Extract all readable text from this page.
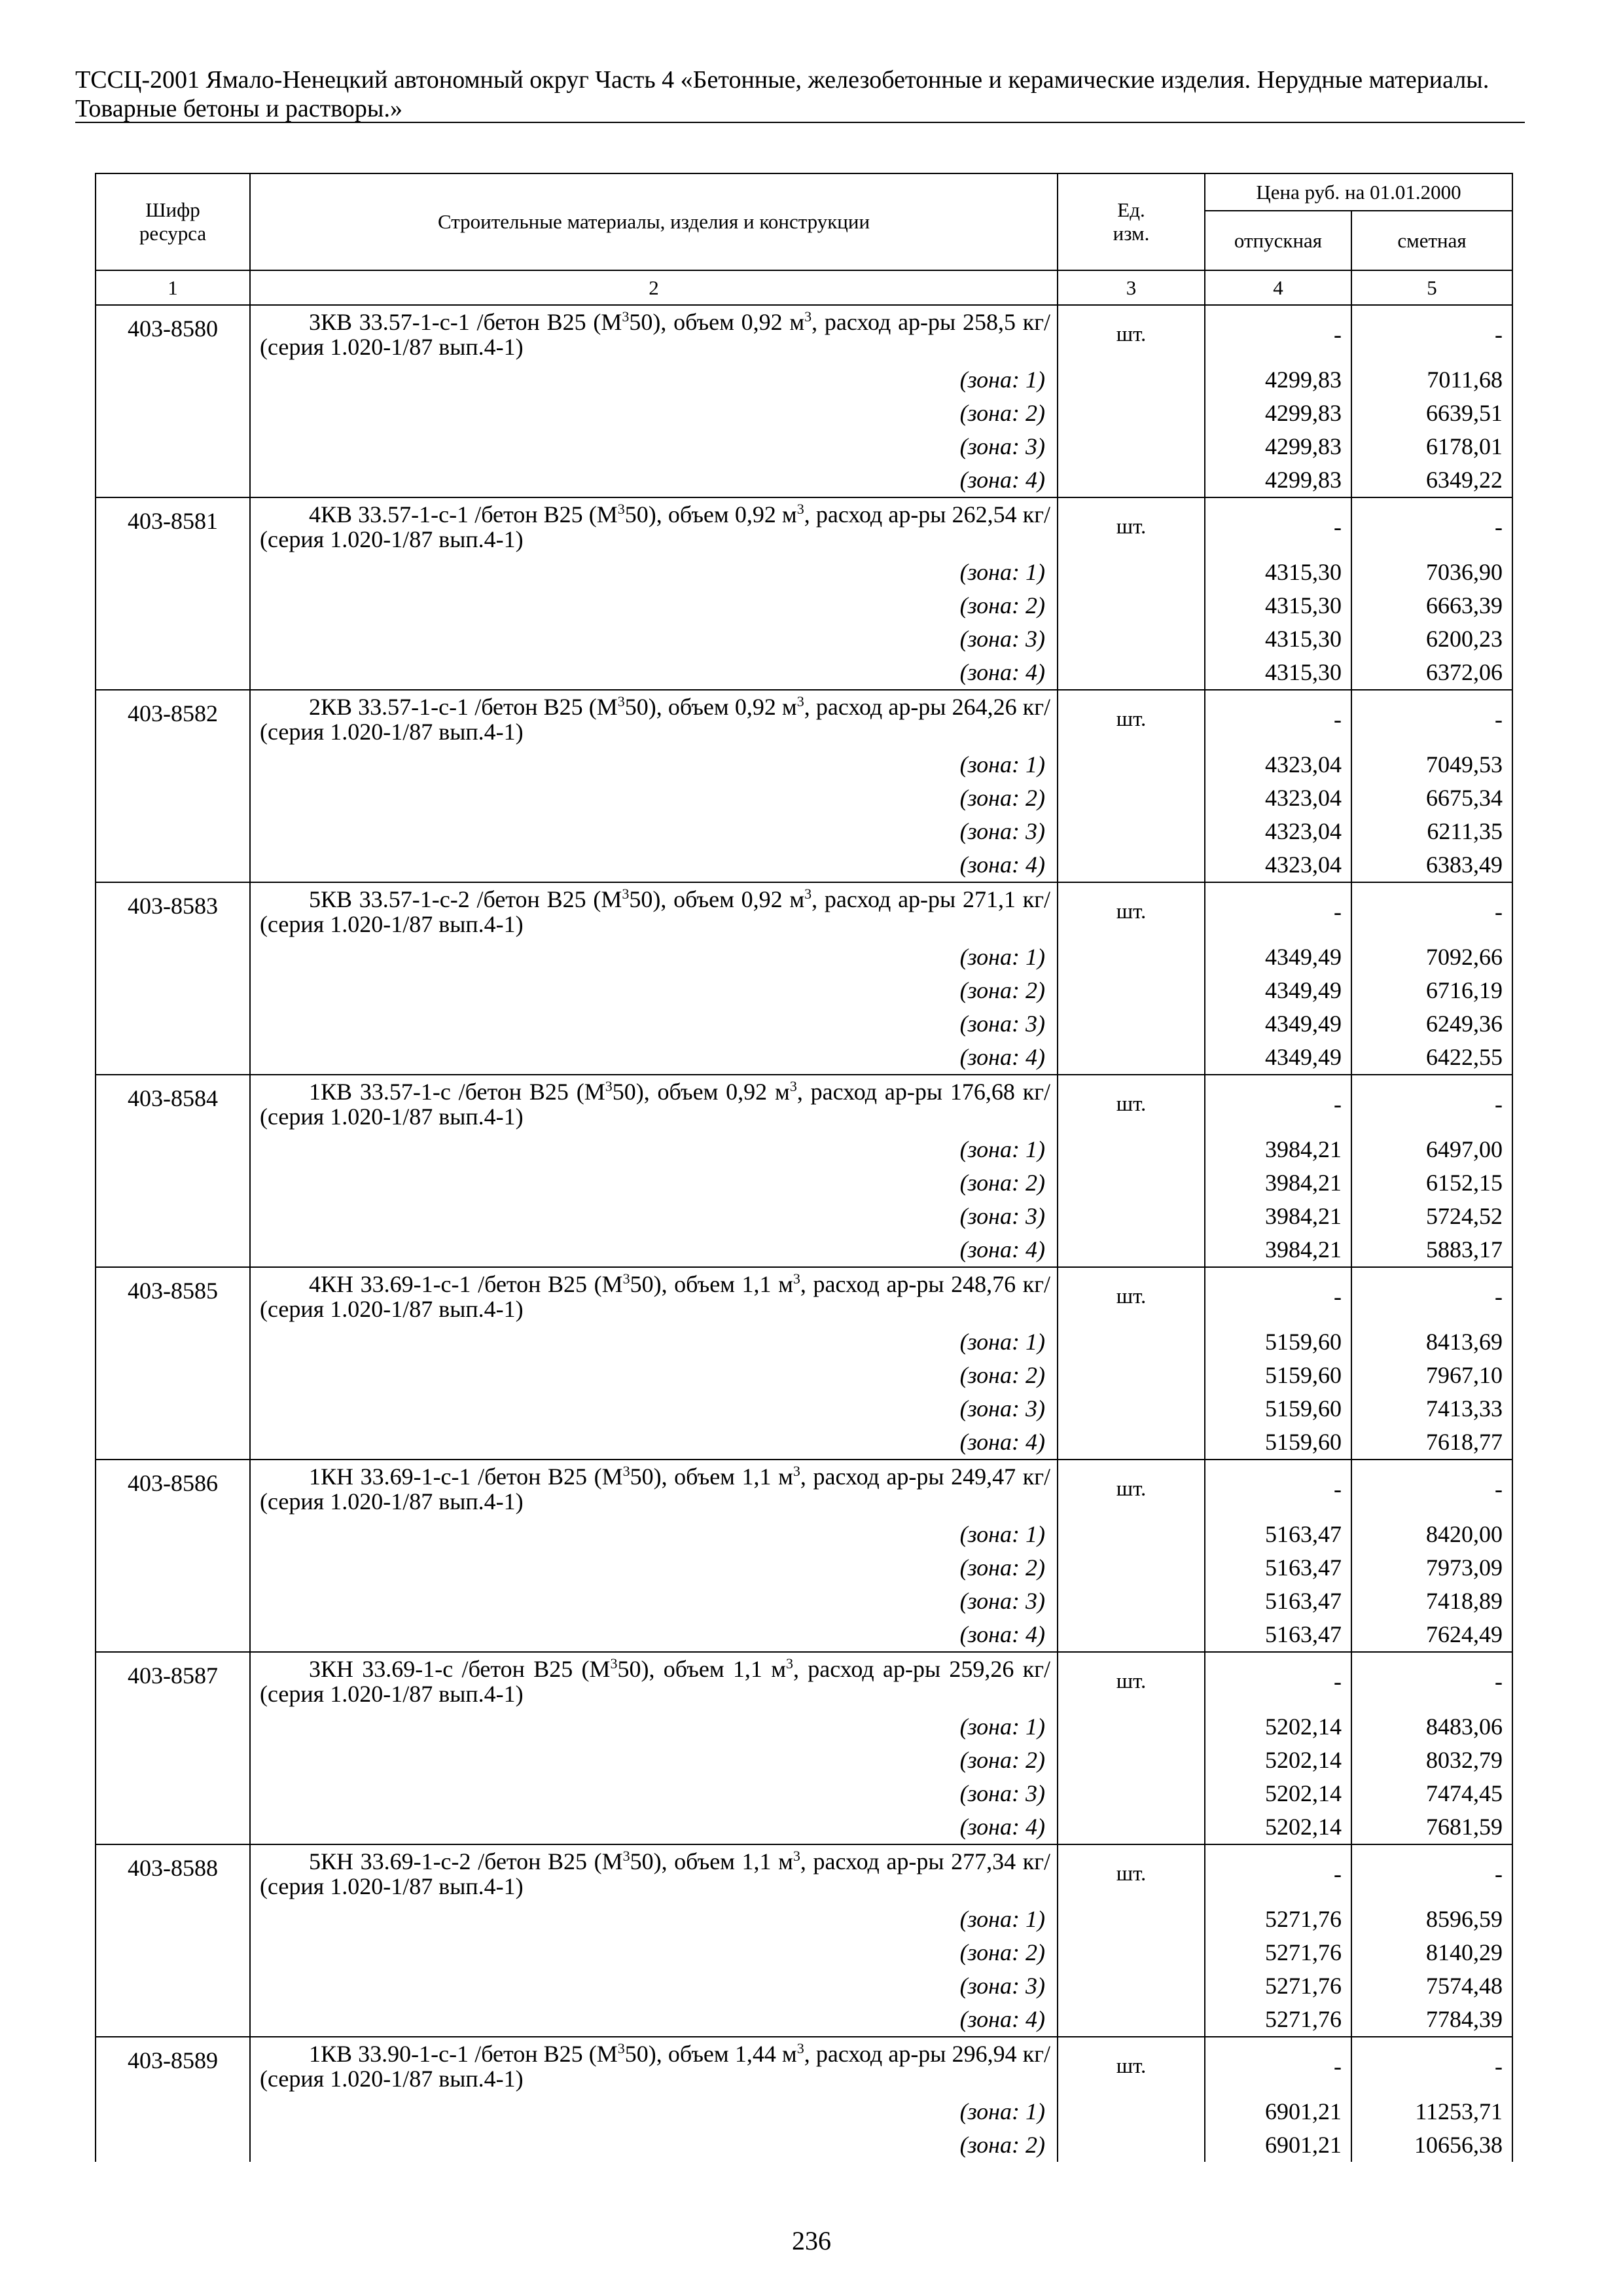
ТССЦ-2001 Ямало-Ненецкий автономный округ Часть 4 «Бетонные, железобетонные и керамические изделия. Нерудные материалы.
Товарные бетоны и растворы.»
Шифр ресурса	Строительные материалы, изделия и конструкции	Ед. изм.	Цена руб. на 01.01.2000	
			отпускная	сметная
1	2	3	4	5
403-8580	3КВ 33.57-1-с-1 /бетон В25 $(М^350)$, объем 0,92 $м^3$, расход ар-ры 258,5 кг/ (серия 1.020-1/87 вып.4-1)	шт.	-	-
	(зона: 1)		4299,83	7011,68
	(зона: 2)		4299,83	6639,51
	(зона: 3)		4299,83	6178,01
	(зона: 4)		4299,83	6349,22
403-8581	4КВ 33.57-1-с-1 /бетон В25 $(М^350)$, объем 0,92 $м^3$, расход ар-ры 262,54 кг/ (серия 1.020-1/87 вып.4-1)	шт.	-	-
	(зона: 1)		4315,30	7036,90
	(зона: 2)		4315,30	6663,39
	(зона: 3)		4315,30	6200,23
	(зона: 4)		4315,30	6372,06
403-8582	2КВ 33.57-1-с-1 /бетон В25 $(М^350)$, объем 0,92 $м^3$, расход ар-ры 264,26 кг/ (серия 1.020-1/87 вып.4-1)	шт.	-	-
	(зона: 1)		4323,04	7049,53
	(зона: 2)		4323,04	6675,34
	(зона: 3)		4323,04	6211,35
	(зона: 4)		4323,04	6383,49
403-8583	5КВ 33.57-1-с-2 /бетон В25 $(М^350)$, объем 0,92 $м^3$, расход ар-ры 271,1 кг/ (серия 1.020-1/87 вып.4-1)	шт.	-	-
	(зона: 1)		4349,49	7092,66
	(зона: 2)		4349,49	6716,19
	(зона: 3)		4349,49	6249,36
	(зона: 4)		4349,49	6422,55
403-8584	1КВ 33.57-1-с /бетон В25 $(М^350)$, объем 0,92 $м^3$, расход ар-ры 176,68 кг/ (серия 1.020-1/87 вып.4-1)	шт.	-	-
	(зона: 1)		3984,21	6497,00
	(зона: 2)		3984,21	6152,15
	(зона: 3)		3984,21	5724,52
	(зона: 4)		3984,21	5883,17
403-8585	4КН 33.69-1-с-1 /бетон В25 $(М^350)$, объем 1,1 $м^3$, расход ар-ры 248,76 кг/ (серия 1.020-1/87 вып.4-1)	шт.	-	-
	(зона: 1)		5159,60	8413,69
	(зона: 2)		5159,60	7967,10
	(зона: 3)		5159,60	7413,33
	(зона: 4)		5159,60	7618,77
403-8586	1КН 33.69-1-с-1 /бетон В25 $(М^350)$, объем 1,1 $м^3$, расход ар-ры 249,47 кг/ (серия 1.020-1/87 вып.4-1)	шт.	-	-
	(зона: 1)		5163,47	8420,00
	(зона: 2)		5163,47	7973,09
	(зона: 3)		5163,47	7418,89
	(зона: 4)		5163,47	7624,49
403-8587	3КН 33.69-1-с /бетон В25 $(М^350)$, объем 1,1 $м^3$, расход ар-ры 259,26 кг/ (серия 1.020-1/87 вып.4-1)	шт.	-	-
	(зона: 1)		5202,14	8483,06
	(зона: 2)		5202,14	8032,79
	(зона: 3)		5202,14	7474,45
	(зона: 4)		5202,14	7681,59
403-8588	5КН 33.69-1-с-2 /бетон В25 $(М^350)$, объем 1,1 $м^3$, расход ар-ры 277,34 кг/ (серия 1.020-1/87 вып.4-1)	шт.	-	-
	(зона: 1)		5271,76	8596,59
	(зона: 2)		5271,76	8140,29
	(зона: 3)		5271,76	7574,48
	(зона: 4)		5271,76	7784,39
403-8589	1КВ 33.90-1-с-1 /бетон В25 $(М^350)$, объем 1,44 $м^3$, расход ар-ры 296,94 кг/ (серия 1.020-1/87 вып.4-1)	шт.	-	-
	(зона: 1)		6901,21	11253,71
	(зона: 2)		6901,21	10656,38
236
